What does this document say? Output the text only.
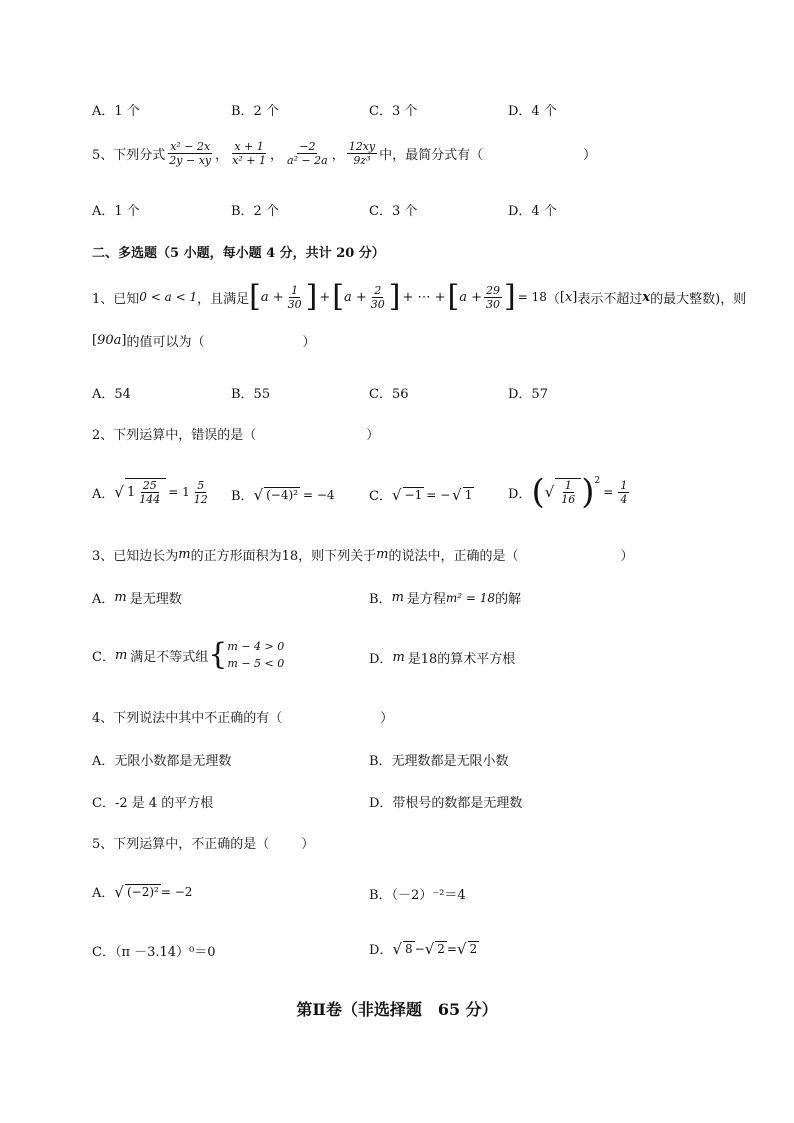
A．1 个	B．2 个	C．3 个	D．4 个
5、下列分式 $\frac{\text{x² − 2x}}{2y - xy}$ ， $\frac{x + 1}{\text{x² + 1}}$ ， $\frac{-2}{\text{a² − 2a}}$ ， $\frac{12xy}{\text{9z³}}$ 中，最简分式有（	）
A．1 个	B．2 个	C．3 个	D．4 个
二、多选题（5 小题，每小题 4 分，共计 20 分）
1、已知 0 < a < 1 ，且满足 [ $a + \frac{1}{30}$ ] + [ $a + \frac{2}{30}$ ] + ⋯ + [ $a + \frac{29}{30}$ ] = 18 （ [x] 表示不超过 x 的最大整数)，则
[90a] 的值可以为（	）
A．54	B．55	C．56	D．57
2、下列运算中，错误的是（	）
A． √ $1 \frac{25}{144} = 1 \frac{5}{12}$ B． √ (−4)² = −4	C． √ −1 = − √ 1	D． ( √ $\frac{1}{16} )^2$
= $\frac{1}{4}$
3、已知边长为 m 的正方形面积为18，则下列关于 m 的说法中，正确的是（	）
A． m 是无理数	B． m 是方程 m² = 18 的解
C． m 满足不等式组 { m − 4 > 0
m − 5 < 0	D． m 是18的算术平方根
4、下列说法中其中不正确的有（	）
A．无限小数都是无理数	B．无理数都是无限小数
C．-2 是 4 的平方根	D．带根号的数都是无理数
5、下列运算中，不正确的是（ ）
A． √ (−2)² = −2	B．（－2）⁻²＝4
C．（π －3.14）⁰＝0	D． √ 8 − √ 2 = √ 2
第Ⅱ卷（非选择题　65 分）
